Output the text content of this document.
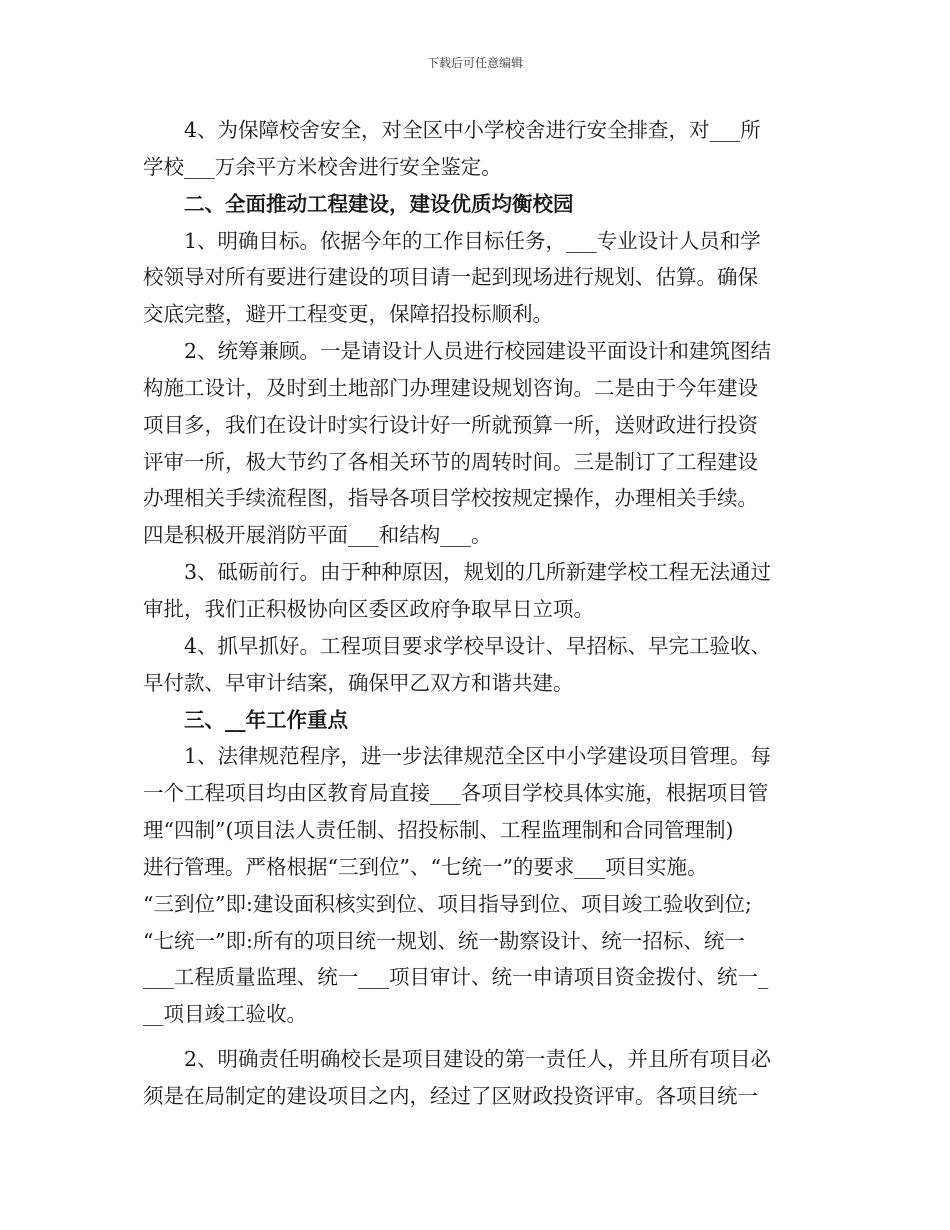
下载后可任意编辑
4、为保障校舍安全，对全区中小学校舍进行安全排查，对___所
学校___万余平方米校舍进行安全鉴定。
二、全面推动工程建设，建设优质均衡校园
1、明确目标。依据今年的工作目标任务，___专业设计人员和学
校领导对所有要进行建设的项目请一起到现场进行规划、估算。确保
交底完整，避开工程变更，保障招投标顺利。
2、统筹兼顾。一是请设计人员进行校园建设平面设计和建筑图结
构施工设计，及时到土地部门办理建设规划咨询。二是由于今年建设
项目多，我们在设计时实行设计好一所就预算一所，送财政进行投资
评审一所，极大节约了各相关环节的周转时间。三是制订了工程建设
办理相关手续流程图，指导各项目学校按规定操作，办理相关手续。
四是积极开展消防平面___和结构___。
3、砥砺前行。由于种种原因，规划的几所新建学校工程无法通过
审批，我们正积极协向区委区政府争取早日立项。
4、抓早抓好。工程项目要求学校早设计、早招标、早完工验收、
早付款、早审计结案，确保甲乙双方和谐共建。
三、__年工作重点
1、法律规范程序，进一步法律规范全区中小学建设项目管理。每
一个工程项目均由区教育局直接___各项目学校具体实施，根据项目管
理“四制”(项目法人责任制、招投标制、工程监理制和合同管理制)
进行管理。严格根据“三到位”、“七统一”的要求___项目实施。
“三到位”即:建设面积核实到位、项目指导到位、项目竣工验收到位;
“七统一”即:所有的项目统一规划、统一勘察设计、统一招标、统一
___工程质量监理、统一___项目审计、统一申请项目资金拨付、统一_
__项目竣工验收。
2、明确责任明确校长是项目建设的第一责任人，并且所有项目必
须是在局制定的建设项目之内，经过了区财政投资评审。各项目统一
